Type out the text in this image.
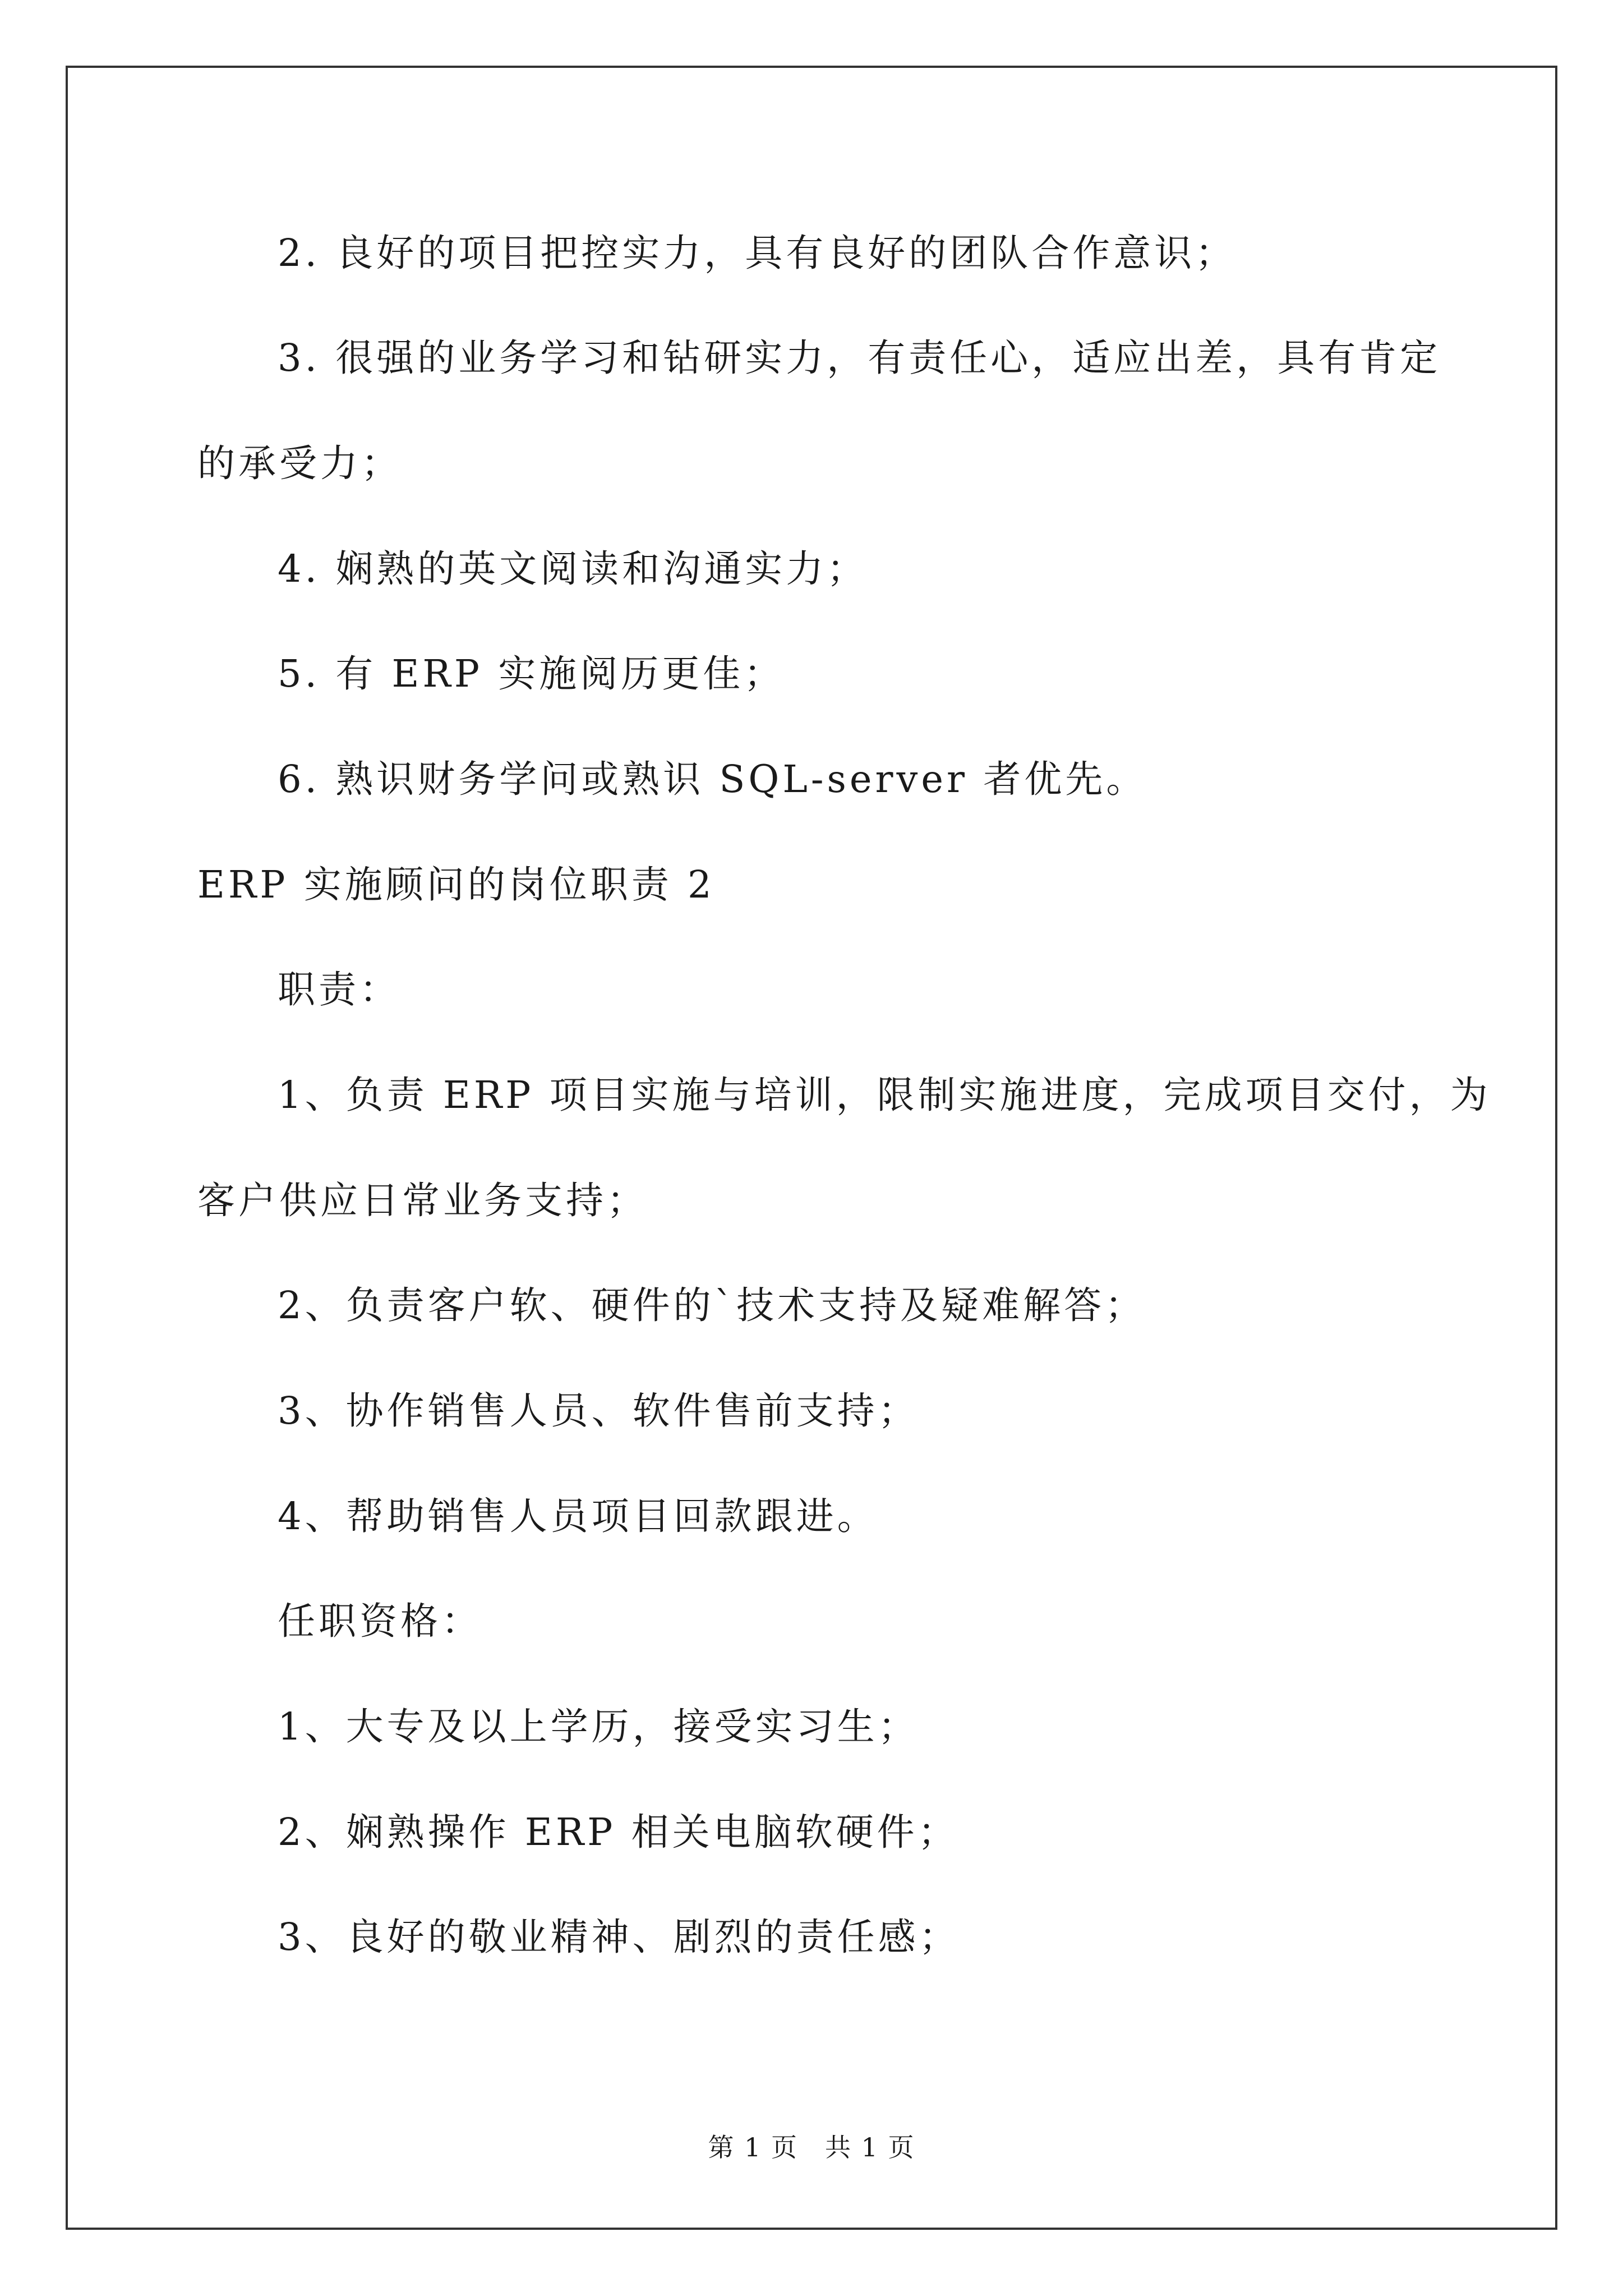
2. 良好的项目把控实力，具有良好的团队合作意识；
3. 很强的业务学习和钻研实力，有责任心，适应出差，具有肯定
的承受力；
4. 娴熟的英文阅读和沟通实力；
5. 有 ERP 实施阅历更佳；
6. 熟识财务学问或熟识 SQL-server 者优先。
ERP 实施顾问的岗位职责 2
职责：
1、负责 ERP 项目实施与培训，限制实施进度，完成项目交付，为
客户供应日常业务支持；
2、负责客户软、硬件的`技术支持及疑难解答；
3、协作销售人员、软件售前支持；
4、帮助销售人员项目回款跟进。
任职资格：
1、大专及以上学历，接受实习生；
2、娴熟操作 ERP 相关电脑软硬件；
3、良好的敬业精神、剧烈的责任感；
第 1 页　共 1 页
